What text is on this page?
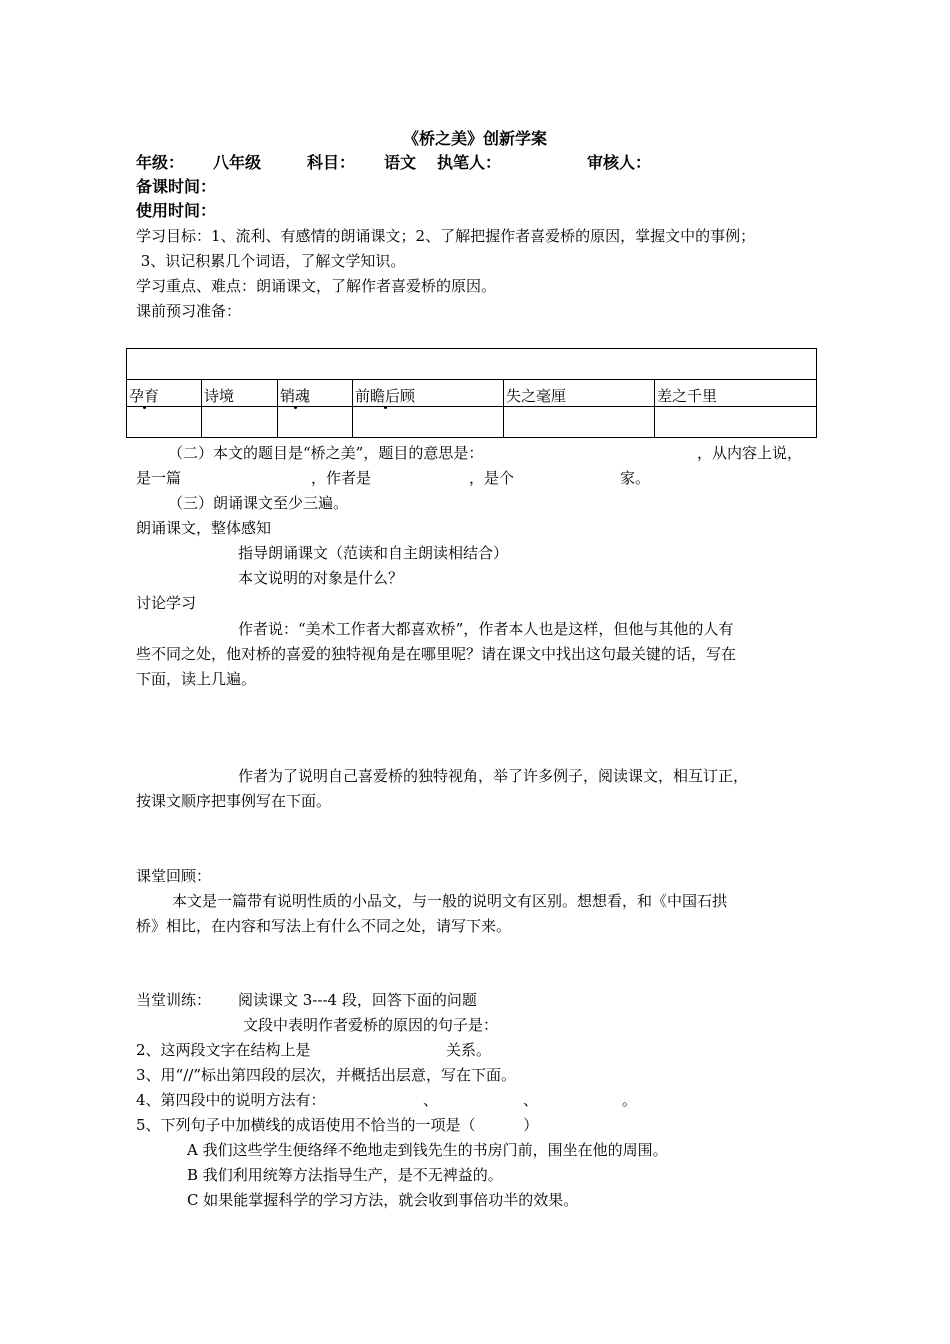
《桥之美》创新学案
年级： 八年级	科目： 语文 执笔人：	审核人：
备课时间：
使用时间：
学习目标：1、流利、有感情的朗诵课文；2、了解把握作者喜爱桥的原因，掌握文中的事例；
3、识记积累几个词语，了解文学知识。
学习重点、难点：朗诵课文，了解作者喜爱桥的原因。
课前预习准备：

孕育	诗境	销魂	前瞻后顾	失之毫厘	差之千里

（二）本文的题目是“桥之美”，题目的意思是：	，从内容上说，
是一篇	，作者是	，是个	家。
（三）朗诵课文至少三遍。
朗诵课文，整体感知
指导朗诵课文（范读和自主朗读相结合）
本文说明的对象是什么？
讨论学习
作者说：“美术工作者大都喜欢桥”，作者本人也是这样，但他与其他的人有
些不同之处，他对桥的喜爱的独特视角是在哪里呢？请在课文中找出这句最关键的话，写在
下面，读上几遍。
作者为了说明自己喜爱桥的独特视角，举了许多例子，阅读课文，相互订正，
按课文顺序把事例写在下面。
课堂回顾：
本文是一篇带有说明性质的小品文，与一般的说明文有区别。想想看，和《中国石拱
桥》相比，在内容和写法上有什么不同之处，请写下来。
当堂训练： 阅读课文 3---4 段，回答下面的问题
文段中表明作者爱桥的原因的句子是：
2、这两段文字在结构上是	关系。
3、用“//”标出第四段的层次，并概括出层意，写在下面。
4、第四段中的说明方法有：	、	、	。
5、下列句子中加横线的成语使用不恰当的一项是（          ）
A 我们这些学生便络绎不绝地走到钱先生的书房门前，围坐在他的周围。
B 我们利用统筹方法指导生产，是不无裨益的。
C 如果能掌握科学的学习方法，就会收到事倍功半的效果。
